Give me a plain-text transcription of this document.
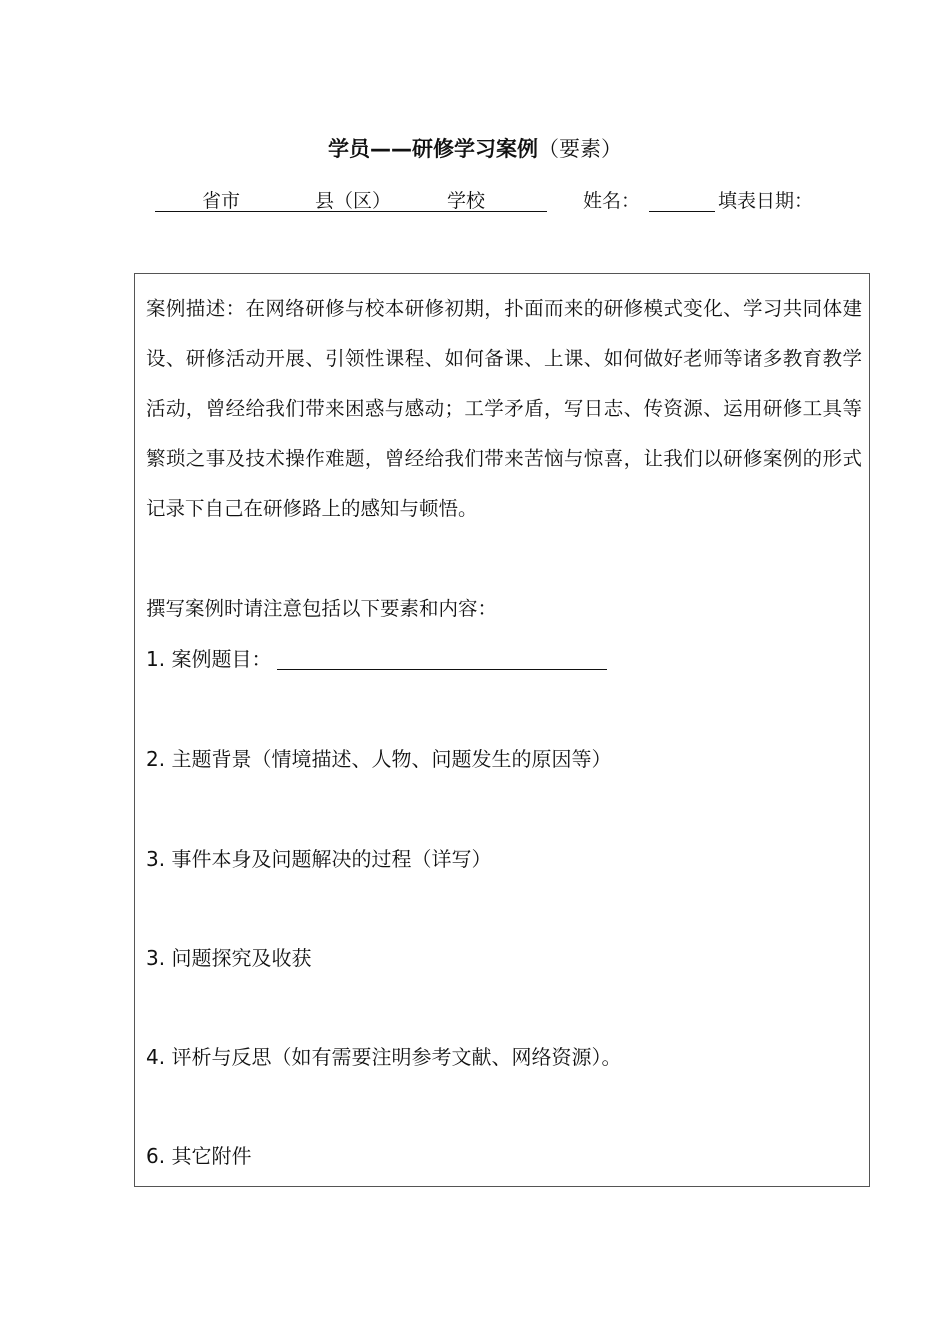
学员——研修学习案例（要素）
省市	县（区）	学校	姓名：	填表日期：
案例描述：在网络研修与校本研修初期，扑面而来的研修模式变化、学习共同体建设、研修活动开展、引领性课程、如何备课、上课、如何做好老师等诸多教育教学活动，曾经给我们带来困惑与感动；工学矛盾，写日志、传资源、运用研修工具等繁琐之事及技术操作难题，曾经给我们带来苦恼与惊喜，让我们以研修案例的形式记录下自己在研修路上的感知与顿悟。
撰写案例时请注意包括以下要素和内容：
1. 案例题目：
2. 主题背景（情境描述、人物、问题发生的原因等）
3. 事件本身及问题解决的过程（详写）
3. 问题探究及收获
4. 评析与反思（如有需要注明参考文献、网络资源）。
6. 其它附件
